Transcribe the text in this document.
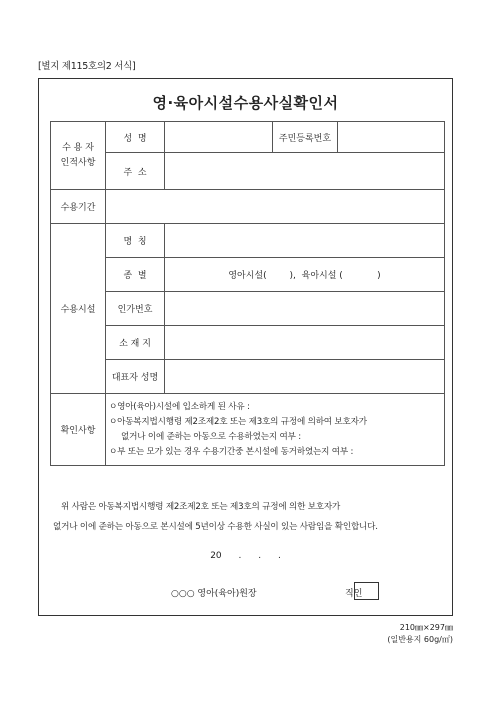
[별지 제115호의2 서식]
영·육아시설수용사실확인서
수 용 자
인적사항	성  명		주민등록번호	
	주  소			
수용기간				
수용시설	명  칭			
	종  별	영아시설(        ),  육아시설 (            )		
	인가번호			
	소 재 지			
	대표자 성명			
확인사항	ㅇ영아(육아)시설에 입소하게 된 사유 :
ㅇ아동복지법시행령 제2조제2호 또는 제3호의 규정에 의하여 보호자가
없거나 이에 준하는 아동으로 수용하였는지 여부 :
ㅇ부 또는 모가 있는 경우 수용기간중 본시설에 동거하였는지 여부 :			
위 사람은 아동복지법시행령 제2조제2호 또는 제3호의 규정에 의한 보호자가
없거나 이에 준하는 아동으로 본시설에 5년이상 수용한 사실이 있는 사람임을 확인합니다.
20 . . .
○○○ 영아(육아)원장	직인
210㎜×297㎜
(일반용지 60g/㎡)
